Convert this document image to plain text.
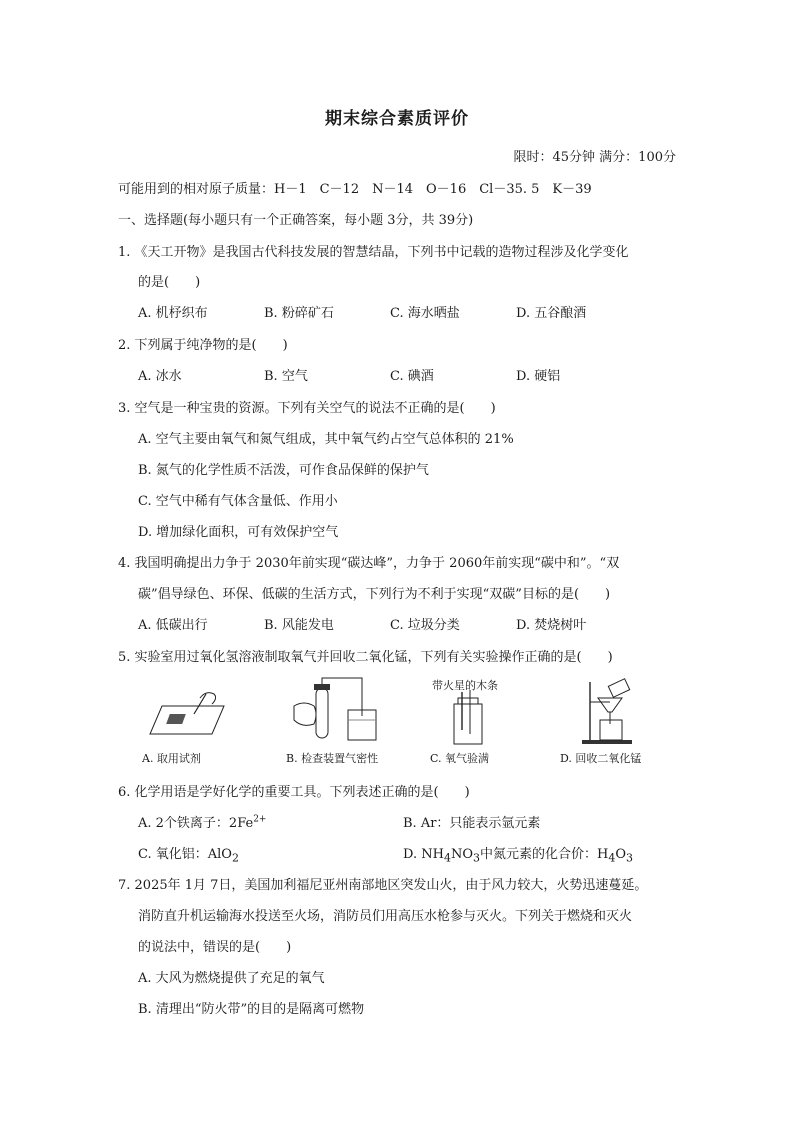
期末综合素质评价
限时：45分钟 满分：100分
可能用到的相对原子质量：H－1　C－12　N－14　O－16　Cl－35. 5　K－39
一、选择题(每小题只有一个正确答案，每小题 3分，共 39分)
1. 《天工开物》是我国古代科技发展的智慧结晶，下列书中记载的造物过程涉及化学变化
的是(　　)
A. 机杼织布	B. 粉碎矿石	C. 海水晒盐	D. 五谷酿酒
2. 下列属于纯净物的是(　　)
A. 冰水	B. 空气	C. 碘酒	D. 硬铝
3. 空气是一种宝贵的资源。下列有关空气的说法不正确的是(　　)
A. 空气主要由氧气和氮气组成，其中氧气约占空气总体积的 21%
B. 氮气的化学性质不活泼，可作食品保鲜的保护气
C. 空气中稀有气体含量低、作用小
D. 增加绿化面积，可有效保护空气
4. 我国明确提出力争于 2030年前实现“碳达峰”，力争于 2060年前实现“碳中和”。“双
碳”倡导绿色、环保、低碳的生活方式，下列行为不利于实现“双碳”目标的是(　　)
A. 低碳出行	B. 风能发电	C. 垃圾分类	D. 焚烧树叶
5. 实验室用过氧化氢溶液制取氧气并回收二氧化锰，下列有关实验操作正确的是(　　)
A. 取用试剂	B. 检查装置气密性
带火星的木条
C. 氧气验满	D. 回收二氧化锰
6. 化学用语是学好化学的重要工具。下列表述正确的是(　　)
A. 2个铁离子：$2Fe^{2+}$	B. Ar：只能表示氩元素
C. 氧化铝：AlO$_2$	D. $NH_4NO_3$中氮元素的化合价：$H_4O_3$
7. 2025年 1月 7日，美国加利福尼亚州南部地区突发山火，由于风力较大，火势迅速蔓延。
消防直升机运输海水投送至火场，消防员们用高压水枪参与灭火。下列关于燃烧和灭火
的说法中，错误的是(　　)
A. 大风为燃烧提供了充足的氧气
B. 清理出“防火带”的目的是隔离可燃物
